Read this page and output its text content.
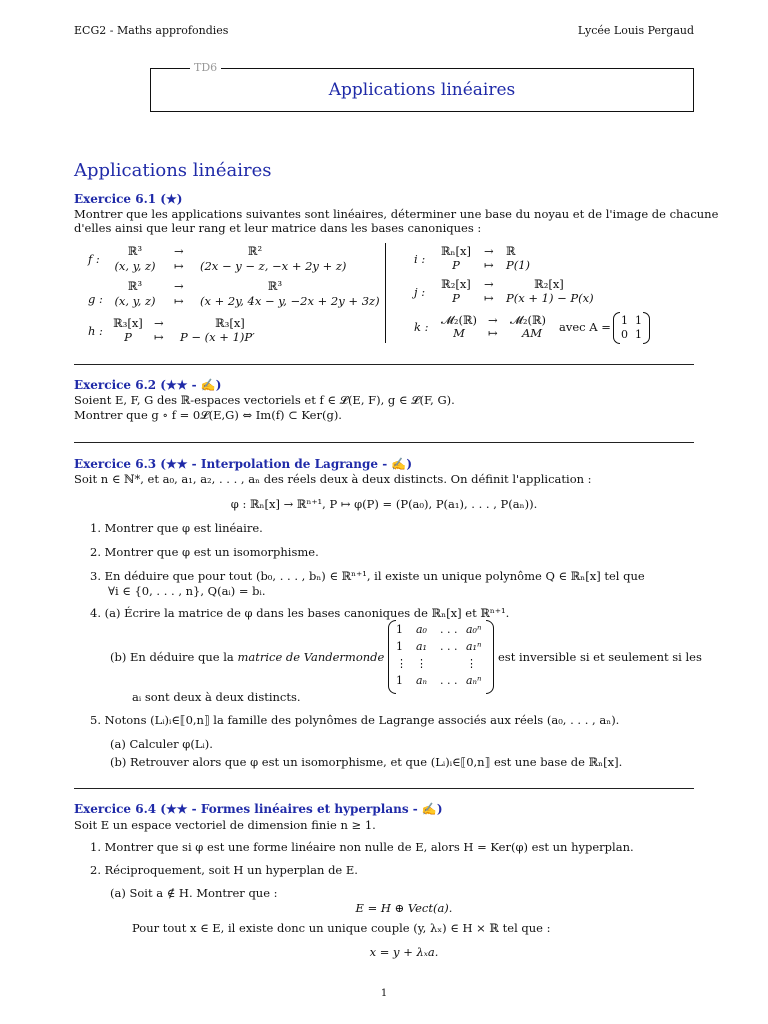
ECG2 - Maths approfondies	Lycée Louis Pergaud
TD6
Applications linéaires
Applications linéaires
Exercice 6.1 (★)
Montrer que les applications suivantes sont linéaires, déterminer une base du noyau et de l'image de chacune
d'elles ainsi que leur rang et leur matrice dans les bases canoniques :
f :
ℝ³	→	ℝ²
(x, y, z)	↦ (2x − y − z, −x + 2y + z)
g :
ℝ³	→	ℝ³
(x, y, z)	↦ (x + 2y, 4x − y, −2x + 2y + 3z)
h :
ℝ₃[x] →	ℝ₃[x]
P	↦ P − (x + 1)P′
i :
ℝₙ[x]	→ ℝ
P	↦ P(1)
j :
ℝ₂[x]	→	ℝ₂[x]
P	↦ P(x + 1) − P(x)
k :	𝓜₂(ℝ) → 𝓜₂(ℝ)
M	↦ AM avec A = 1 1
0 1
Exercice 6.2 (★★ - ✍)
Soient E, F, G des ℝ-espaces vectoriels et f ∈ 𝓛(E, F), g ∈ 𝓛(F, G).
Montrer que g ∘ f = 0𝓛(E,G) ⇔ Im(f) ⊂ Ker(g).
Exercice 6.3 (★★ - Interpolation de Lagrange - ✍)
Soit n ∈ ℕ*, et a₀, a₁, a₂, . . . , aₙ des réels deux à deux distincts. On définit l'application :
φ : ℝₙ[x] → ℝⁿ⁺¹, P ↦ φ(P) = (P(a₀), P(a₁), . . . , P(aₙ)).
1. Montrer que φ est linéaire.
2. Montrer que φ est un isomorphisme.
3. En déduire que pour tout (b₀, . . . , bₙ) ∈ ℝⁿ⁺¹, il existe un unique polynôme Q ∈ ℝₙ[x] tel que
∀i ∈ {0, . . . , n}, Q(aᵢ) = bᵢ.
4. (a) Écrire la matrice de φ dans les bases canoniques de ℝₙ[x] et ℝⁿ⁺¹.
(b) En déduire que la matrice de Vandermonde
1	a₀	. . . a₀ⁿ
1	a₁	. . . a₁ⁿ
⋮ ⋮	⋮
1	aₙ	. . . aₙⁿ
est inversible si et seulement si les
aᵢ sont deux à deux distincts.
5. Notons (Lᵢ)ᵢ∈⟦0,n⟧ la famille des polynômes de Lagrange associés aux réels (a₀, . . . , aₙ).
(a) Calculer φ(Lᵢ).
(b) Retrouver alors que φ est un isomorphisme, et que (Lᵢ)ᵢ∈⟦0,n⟧ est une base de ℝₙ[x].
Exercice 6.4 (★★ - Formes linéaires et hyperplans - ✍)
Soit E un espace vectoriel de dimension finie n ≥ 1.
1. Montrer que si φ est une forme linéaire non nulle de E, alors H = Ker(φ) est un hyperplan.
2. Réciproquement, soit H un hyperplan de E.
(a) Soit a ∉ H. Montrer que :
E = H ⊕ Vect(a).
Pour tout x ∈ E, il existe donc un unique couple (y, λₓ) ∈ H × ℝ tel que :
x = y + λₓa.
1
